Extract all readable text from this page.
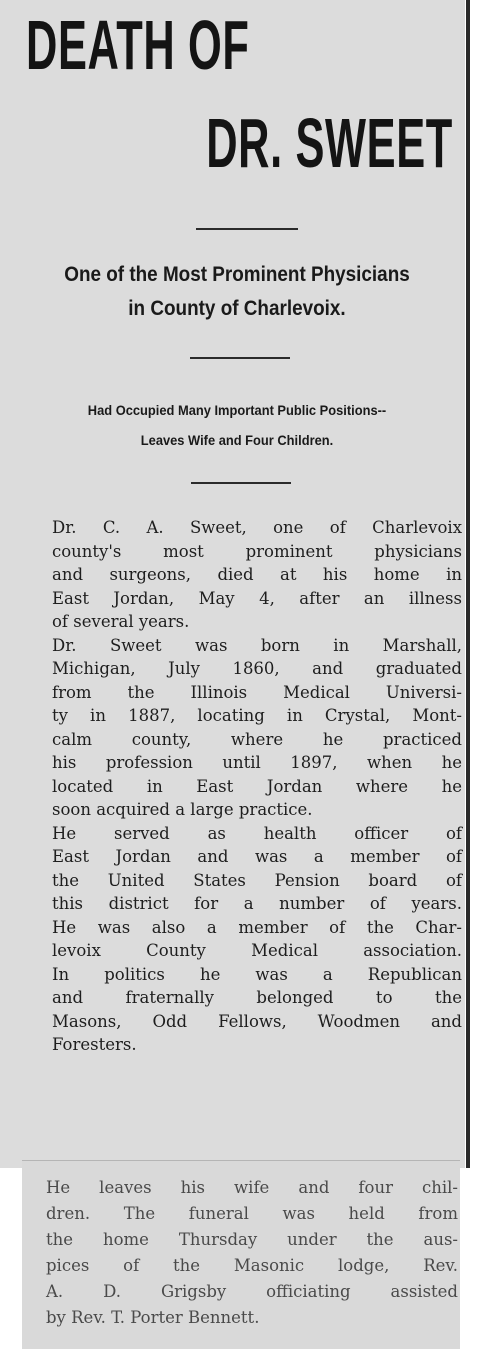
DEATH OF
DR. SWEET
One of the Most Prominent Physicians
in County of Charlevoix.
Had Occupied Many Important Public Positions--
Leaves Wife and Four Children.

Dr. C. A. Sweet, one of Charlevoix
county's most prominent physicians
and surgeons, died at his home in
East Jordan, May 4, after an illness
of several years.

Dr. Sweet was born in Marshall,
Michigan, July 1860, and graduated
from the Illinois Medical Universi-
ty in 1887, locating in Crystal, Mont-
calm county, where he practiced
his profession until 1897, when he
located in East Jordan where he
soon acquired a large practice.

He served as health officer of
East Jordan and was a member of
the United States Pension board of
this district for a number of years.
He was also a member of the Char-
levoix County Medical association.
In politics he was a Republican
and fraternally belonged to the
Masons, Odd Fellows, Woodmen and
Foresters.

He leaves his wife and four chil-
dren. The funeral was held from
the home Thursday under the aus-
pices of the Masonic lodge, Rev.
A. D. Grigsby officiating assisted
by Rev. T. Porter Bennett.
